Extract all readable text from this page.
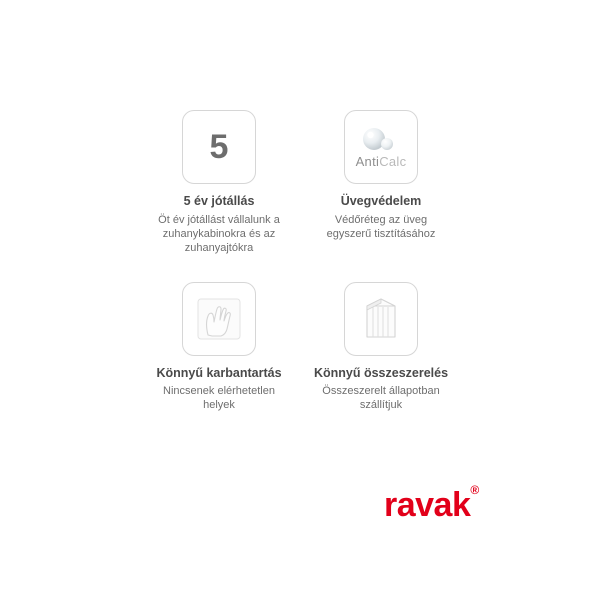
5
5 év jótállás
Öt év jótállást vállalunk a zuhanykabinokra és az zuhanyajtókra
AntiCalc
Üvegvédelem
Védőréteg az üveg egyszerű tisztításához
Könnyű karbantartás
Nincsenek elérhetetlen helyek
Könnyű összeszerelés
Összeszerelt állapotban szállítjuk
ravak®
